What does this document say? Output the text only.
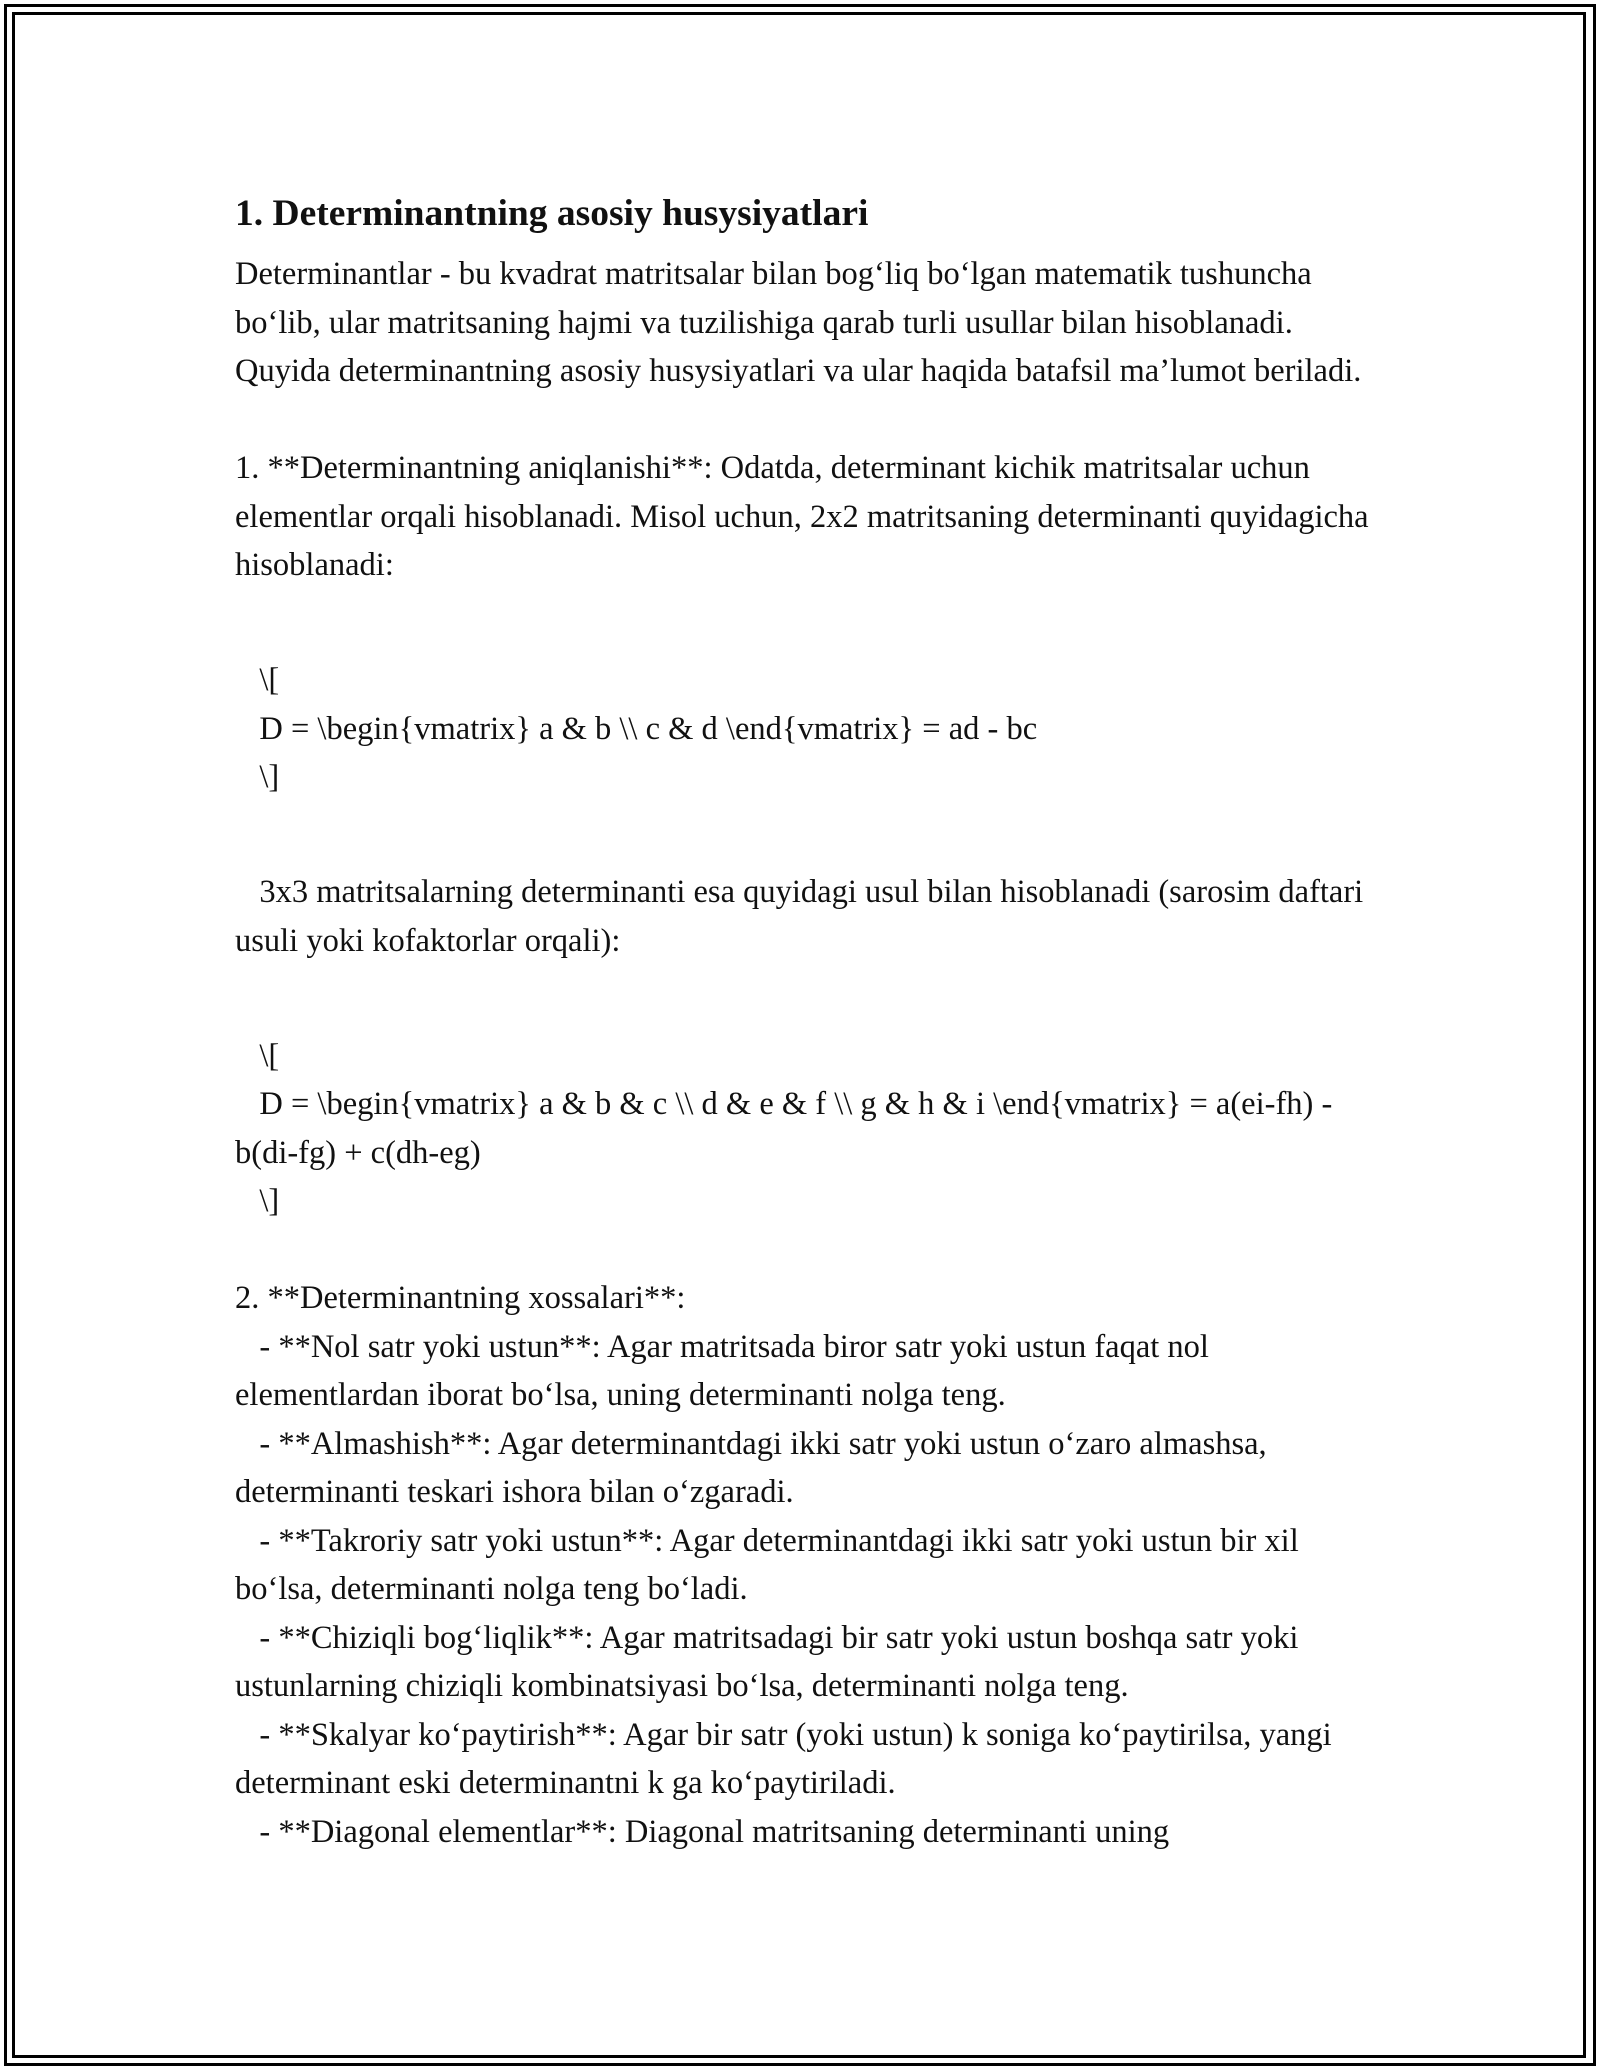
1. Determinantning asosiy husysiyatlari

Determinantlar - bu kvadrat matritsalar bilan bog‘liq bo‘lgan matematik tushuncha bo‘lib, ular matritsaning hajmi va tuzilishiga qarab turli usullar bilan hisoblanadi. Quyida determinantning asosiy husysiyatlari va ular haqida batafsil ma’lumot beriladi.

1. **Determinantning aniqlanishi**: Odatda, determinant kichik matritsalar uchun elementlar orqali hisoblanadi. Misol uchun, 2x2 matritsaning determinanti quyidagicha hisoblanadi:

\[
D = \begin{vmatrix} a & b \\ c & d \end{vmatrix} = ad - bc
\]

3x3 matritsalarning determinanti esa quyidagi usul bilan hisoblanadi (sarosim daftari usuli yoki kofaktorlar orqali):

\[
D = \begin{vmatrix} a & b & c \\ d & e & f \\ g & h & i \end{vmatrix} = a(ei-fh) - b(di-fg) + c(dh-eg)
\]

2. **Determinantning xossalari**:
- **Nol satr yoki ustun**: Agar matritsada biror satr yoki ustun faqat nol elementlardan iborat bo‘lsa, uning determinanti nolga teng.
- **Almashish**: Agar determinantdagi ikki satr yoki ustun o‘zaro almashsa, determinanti teskari ishora bilan o‘zgaradi.
- **Takroriy satr yoki ustun**: Agar determinantdagi ikki satr yoki ustun bir xil bo‘lsa, determinanti nolga teng bo‘ladi.
- **Chiziqli bog‘liqlik**: Agar matritsadagi bir satr yoki ustun boshqa satr yoki ustunlarning chiziqli kombinatsiyasi bo‘lsa, determinanti nolga teng.
- **Skalyar ko‘paytirish**: Agar bir satr (yoki ustun) k soniga ko‘paytirilsa, yangi determinant eski determinantni k ga ko‘paytiriladi.
- **Diagonal elementlar**: Diagonal matritsaning determinanti uning
